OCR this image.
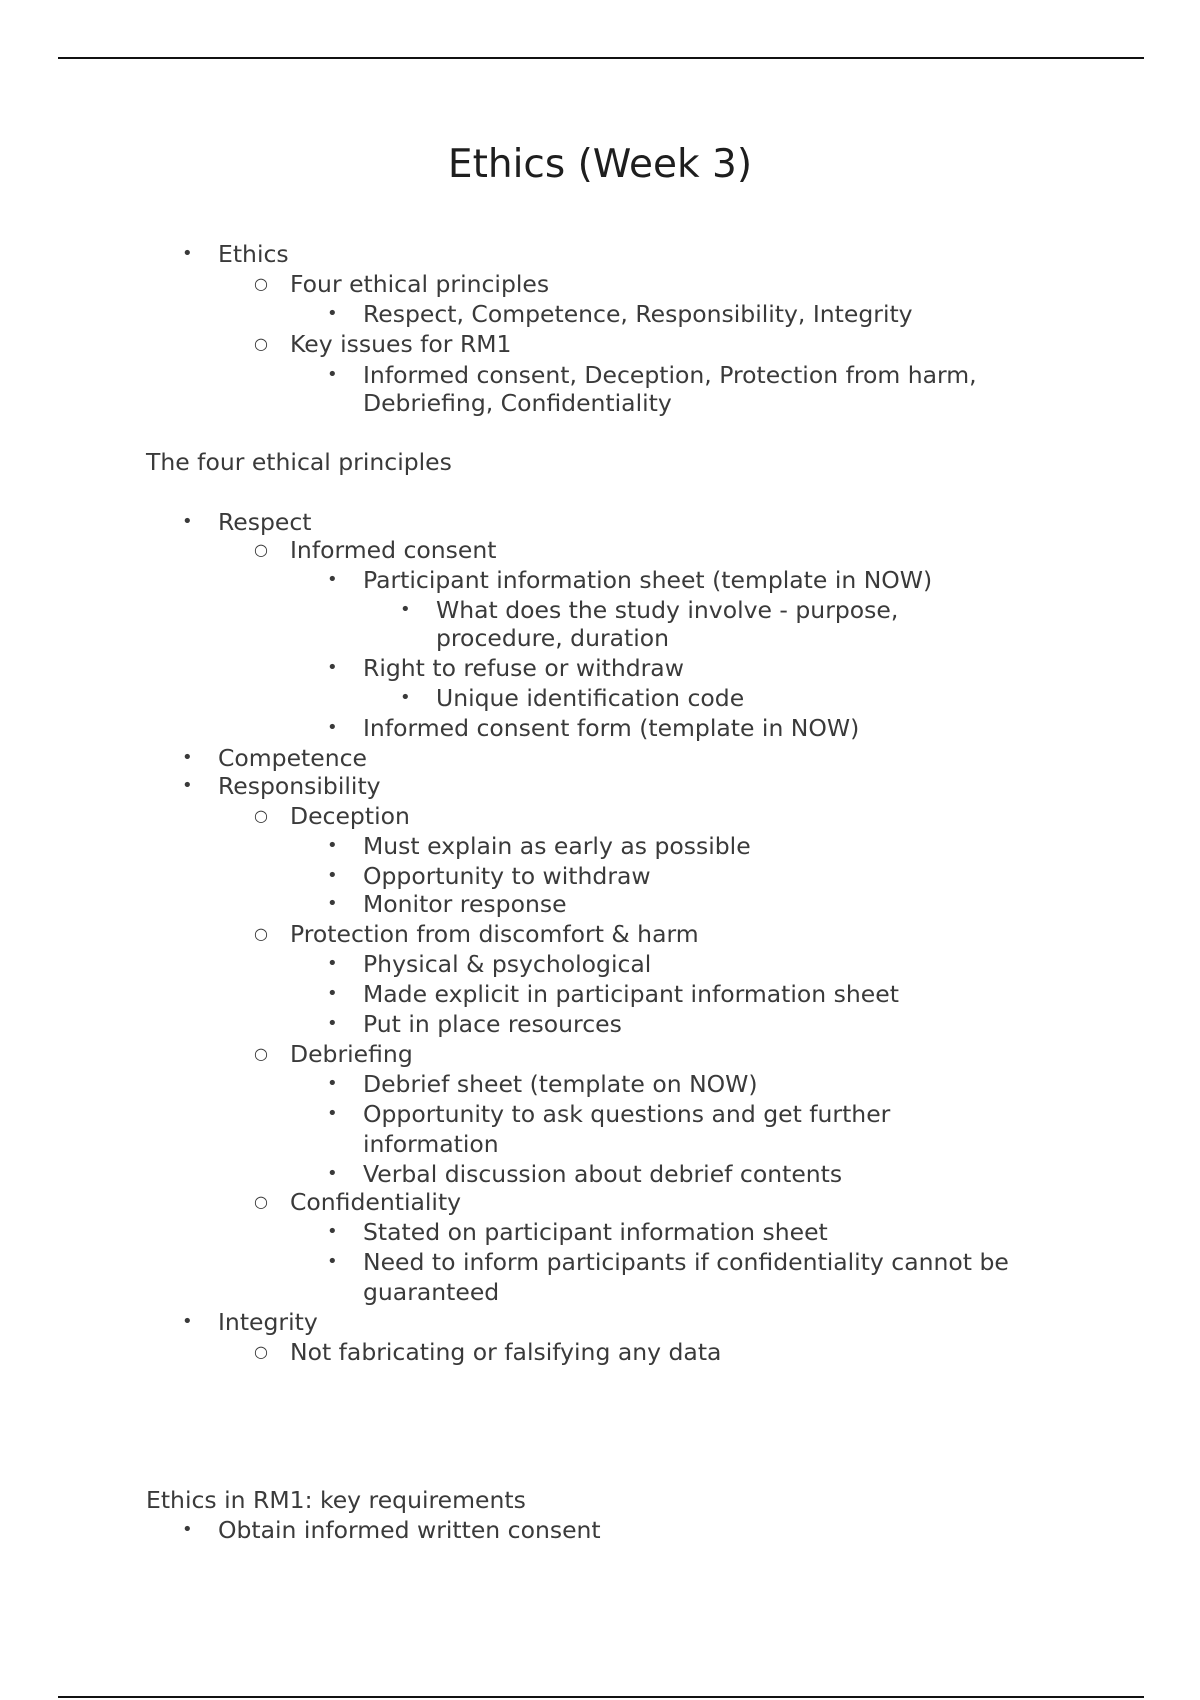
Ethics (Week 3)
• Ethics
○ Four ethical principles
• Respect, Competence, Responsibility, Integrity
○ Key issues for RM1
• Informed consent, Deception, Protection from harm,
Debriefing, Confidentiality
The four ethical principles
• Respect
○ Informed consent
• Participant information sheet (template in NOW)
• What does the study involve - purpose,
procedure, duration
• Right to refuse or withdraw
• Unique identification code
• Informed consent form (template in NOW)
• Competence
• Responsibility
○ Deception
• Must explain as early as possible
• Opportunity to withdraw
• Monitor response
○ Protection from discomfort & harm
• Physical & psychological
• Made explicit in participant information sheet
• Put in place resources
○ Debriefing
• Debrief sheet (template on NOW)
• Opportunity to ask questions and get further
information
• Verbal discussion about debrief contents
○ Confidentiality
• Stated on participant information sheet
• Need to inform participants if confidentiality cannot be
guaranteed
• Integrity
○ Not fabricating or falsifying any data
Ethics in RM1: key requirements
• Obtain informed written consent
